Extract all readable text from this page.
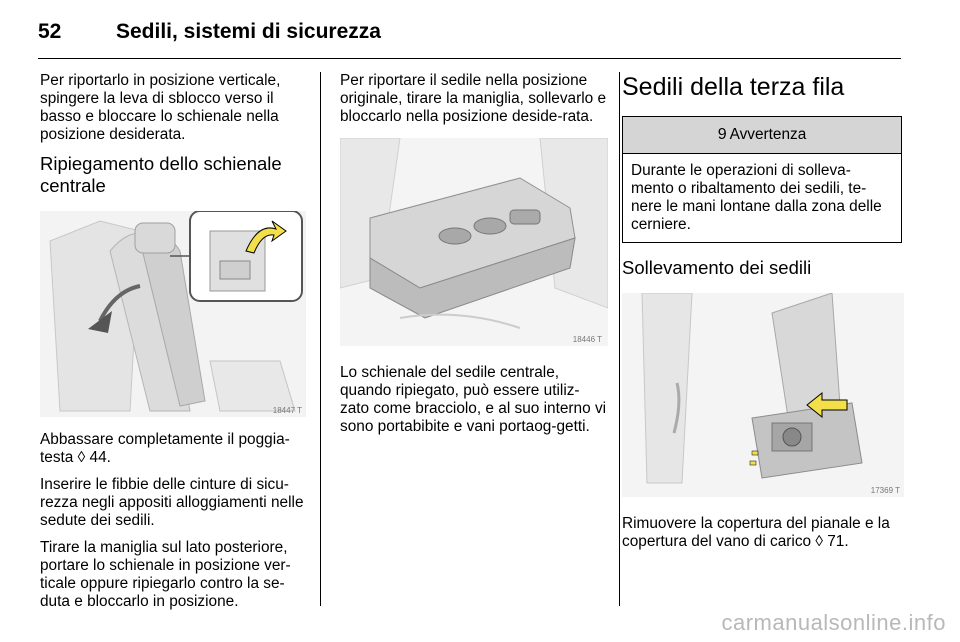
52	Sedili, sistemi di sicurezza

Per riportarlo in posizione verticale, spingere la leva di sblocco verso il basso e bloccare lo schienale nella posizione desiderata.

Ripiegamento dello schienale centrale
18447 T

Abbassare completamente il poggia-testa ◊ 44.

Inserire le fibbie delle cinture di sicu-rezza negli appositi alloggiamenti nelle sedute dei sedili.

Tirare la maniglia sul lato posteriore, portare lo schienale in posizione ver-ticale oppure ripiegarlo contro la se-duta e bloccarlo in posizione.

Per riportare il sedile nella posizione originale, tirare la maniglia, sollevarlo e bloccarlo nella posizione deside-rata.

18446 T

Lo schienale del sedile centrale, quando ripiegato, può essere utiliz-zato come bracciolo, e al suo interno vi sono portabibite e vani portaog-getti.

Sedili della terza fila
9 Avvertenza

Durante le operazioni di solleva-mento o ribaltamento dei sedili, te-nere le mani lontane dalla zona delle cerniere.

Sollevamento dei sedili
17369 T

Rimuovere la copertura del pianale e la copertura del vano di carico ◊ 71.

carmanualsonline.info
